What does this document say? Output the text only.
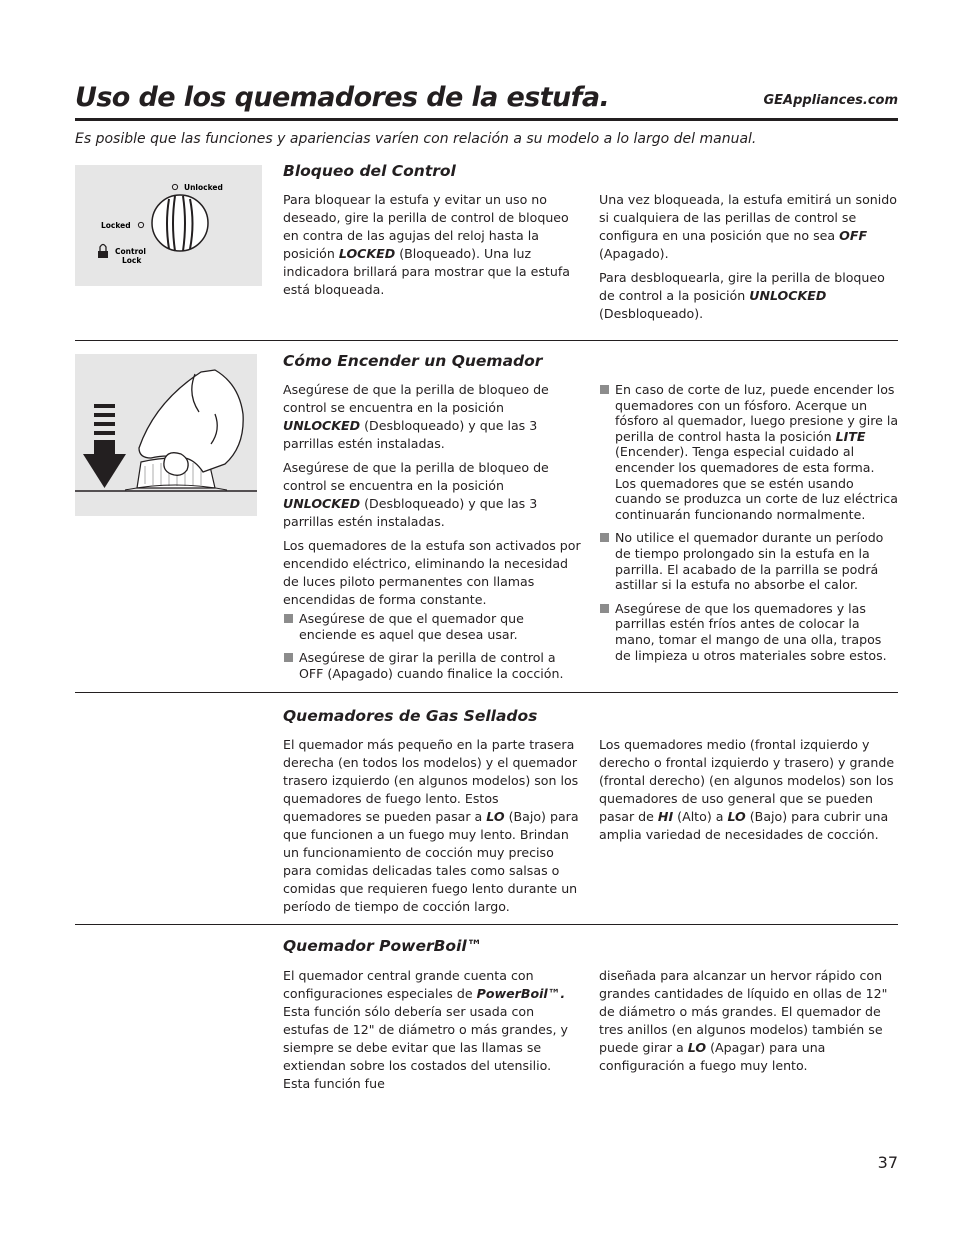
Uso de los quemadores de la estufa.	GEAppliances.com
Es posible que las funciones y apariencias varíen con relación a su modelo a lo largo del manual.
Unlocked
Locked
Control
Lock
Bloqueo del Control

Para bloquear la estufa y evitar un uso no deseado, gire la perilla de control de bloqueo en contra de las agujas del reloj hasta la posición LOCKED (Bloqueado). Una luz indicadora brillará para mostrar que la estufa está bloqueada.

Una vez bloqueada, la estufa emitirá un sonido si cualquiera de las perillas de control se configura en una posición que no sea OFF (Apagado).

Para desbloquearla, gire la perilla de bloqueo de control a la posición UNLOCKED (Desbloqueado).

Cómo Encender un Quemador

Asegúrese de que la perilla de bloqueo de control se encuentra en la posición UNLOCKED (Desbloqueado) y que las 3 parrillas estén instaladas.

Asegúrese de que la perilla de bloqueo de control se encuentra en la posición UNLOCKED (Desbloqueado) y que las 3 parrillas estén instaladas.

Los quemadores de la estufa son activados por encendido eléctrico, eliminando la necesidad de luces piloto permanentes con llamas encendidas de forma constante.

Asegúrese de que el quemador que enciende es aquel que desea usar.
Asegúrese de girar la perilla de control a OFF (Apagado) cuando finalice la cocción.
En caso de corte de luz, puede encender los quemadores con un fósforo. Acerque un fósforo al quemador, luego presione y gire la perilla de control hasta la posición LITE (Encender). Tenga especial cuidado al encender los quemadores de esta forma. Los quemadores que se estén usando cuando se produzca un corte de luz eléctrica continuarán funcionando normalmente.
No utilice el quemador durante un período de tiempo prolongado sin la estufa en la parrilla. El acabado de la parrilla se podrá astillar si la estufa no absorbe el calor.
Asegúrese de que los quemadores y las parrillas estén fríos antes de colocar la mano, tomar el mango de una olla, trapos de limpieza u otros materiales sobre estos.
Quemadores de Gas Sellados

El quemador más pequeño en la parte trasera derecha (en todos los modelos) y el quemador trasero izquierdo (en algunos modelos) son los quemadores de fuego lento. Estos quemadores se pueden pasar a LO (Bajo) para que funcionen a un fuego muy lento. Brindan un funcionamiento de cocción muy preciso para comidas delicadas tales como salsas o comidas que requieren fuego lento durante un período de tiempo de cocción largo.

Los quemadores medio (frontal izquierdo y derecho o frontal izquierdo y trasero) y grande (frontal derecho) (en algunos modelos) son los quemadores de uso general que se pueden pasar de HI (Alto) a LO (Bajo) para cubrir una amplia variedad de necesidades de cocción.

Quemador PowerBoil™

El quemador central grande cuenta con configuraciones especiales de PowerBoil™. Esta función sólo debería ser usada con estufas de 12" de diámetro o más grandes, y siempre se debe evitar que las llamas se extiendan sobre los costados del utensilio. Esta función fue

diseñada para alcanzar un hervor rápido con grandes cantidades de líquido en ollas de 12" de diámetro o más grandes. El quemador de tres anillos (en algunos modelos) también se puede girar a LO (Apagar) para una configuración a fuego muy lento.

37
